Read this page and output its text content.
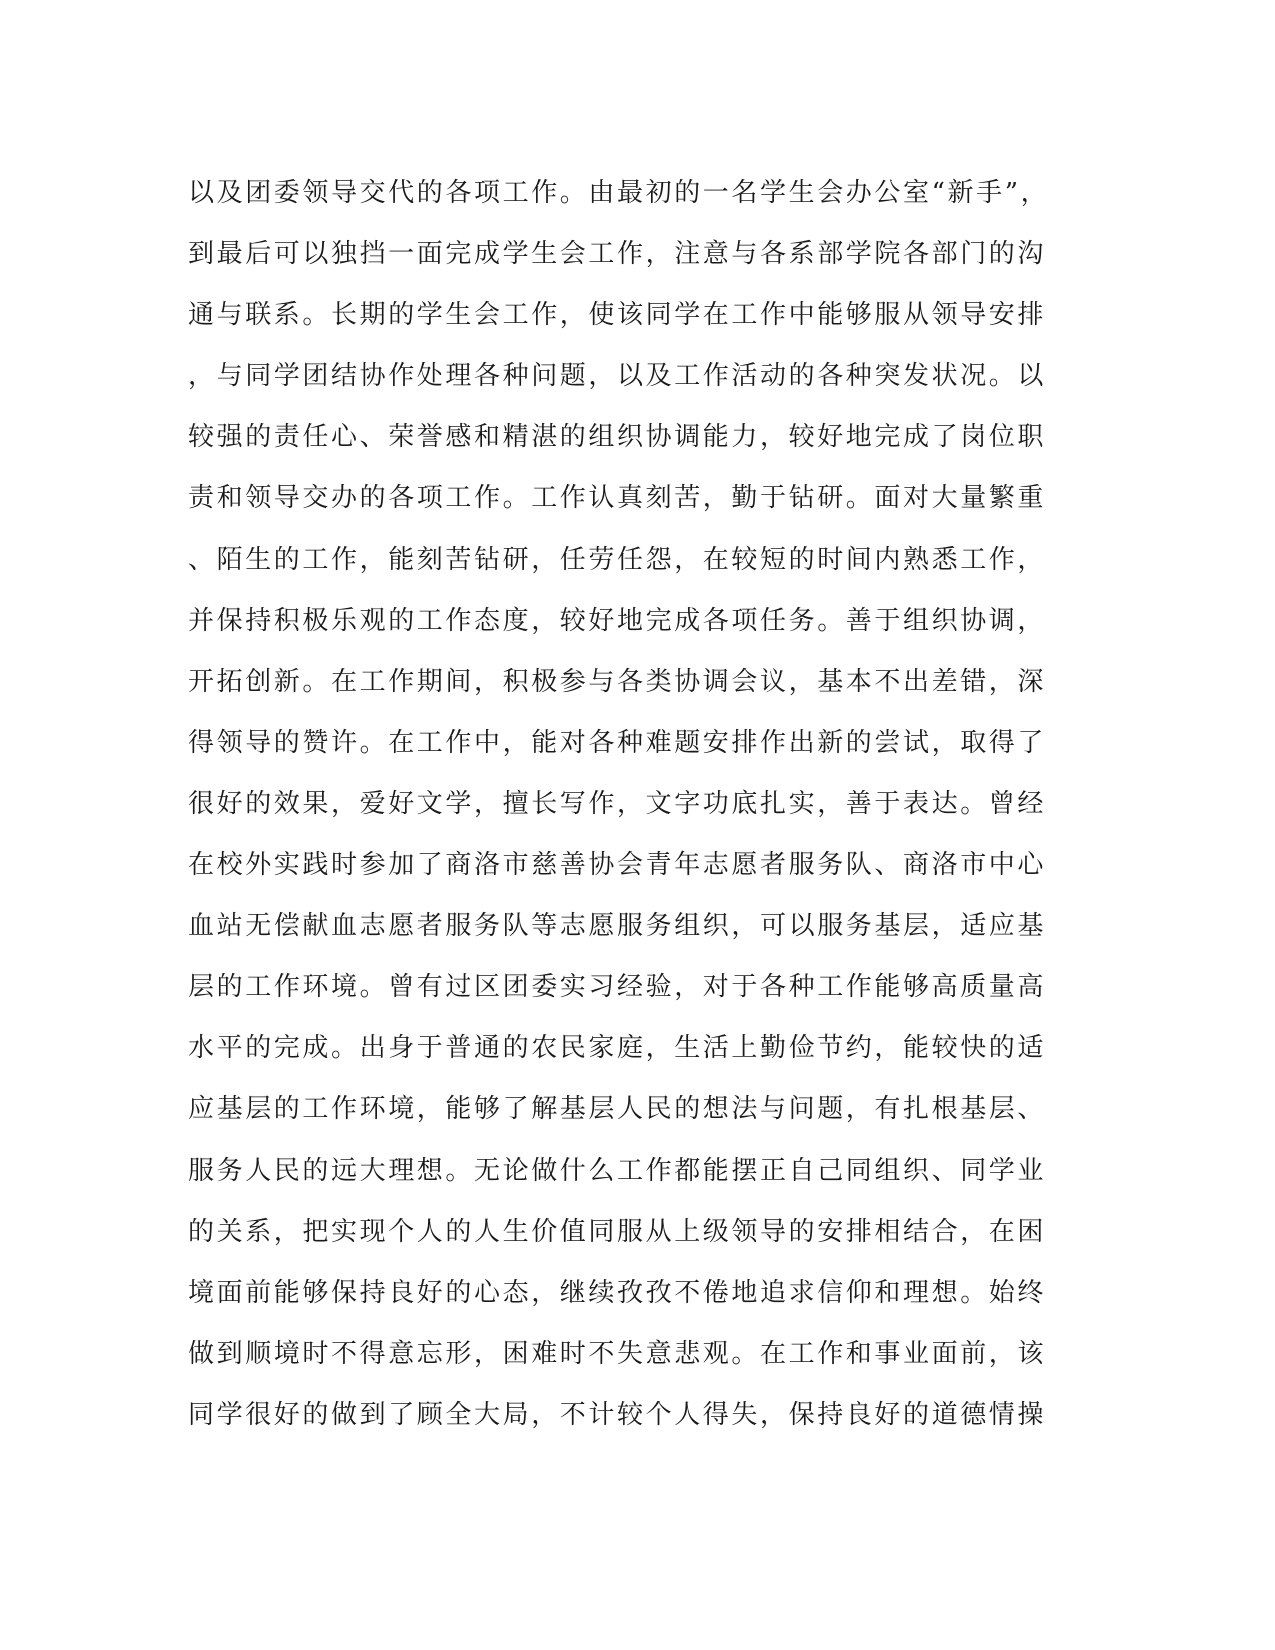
以及团委领导交代的各项工作。由最初的一名学生会办公室“新手”，
到最后可以独挡一面完成学生会工作，注意与各系部学院各部门的沟
通与联系。长期的学生会工作，使该同学在工作中能够服从领导安排
，与同学团结协作处理各种问题，以及工作活动的各种突发状况。以
较强的责任心、荣誉感和精湛的组织协调能力，较好地完成了岗位职
责和领导交办的各项工作。工作认真刻苦，勤于钻研。面对大量繁重
、陌生的工作，能刻苦钻研，任劳任怨，在较短的时间内熟悉工作，
并保持积极乐观的工作态度，较好地完成各项任务。善于组织协调，
开拓创新。在工作期间，积极参与各类协调会议，基本不出差错，深
得领导的赞许。在工作中，能对各种难题安排作出新的尝试，取得了
很好的效果，爱好文学，擅长写作，文字功底扎实，善于表达。曾经
在校外实践时参加了商洛市慈善协会青年志愿者服务队、商洛市中心
血站无偿献血志愿者服务队等志愿服务组织，可以服务基层，适应基
层的工作环境。曾有过区团委实习经验，对于各种工作能够高质量高
水平的完成。出身于普通的农民家庭，生活上勤俭节约，能较快的适
应基层的工作环境，能够了解基层人民的想法与问题，有扎根基层、
服务人民的远大理想。无论做什么工作都能摆正自己同组织、同学业
的关系，把实现个人的人生价值同服从上级领导的安排相结合，在困
境面前能够保持良好的心态，继续孜孜不倦地追求信仰和理想。始终
做到顺境时不得意忘形，困难时不失意悲观。在工作和事业面前，该
同学很好的做到了顾全大局，不计较个人得失，保持良好的道德情操
